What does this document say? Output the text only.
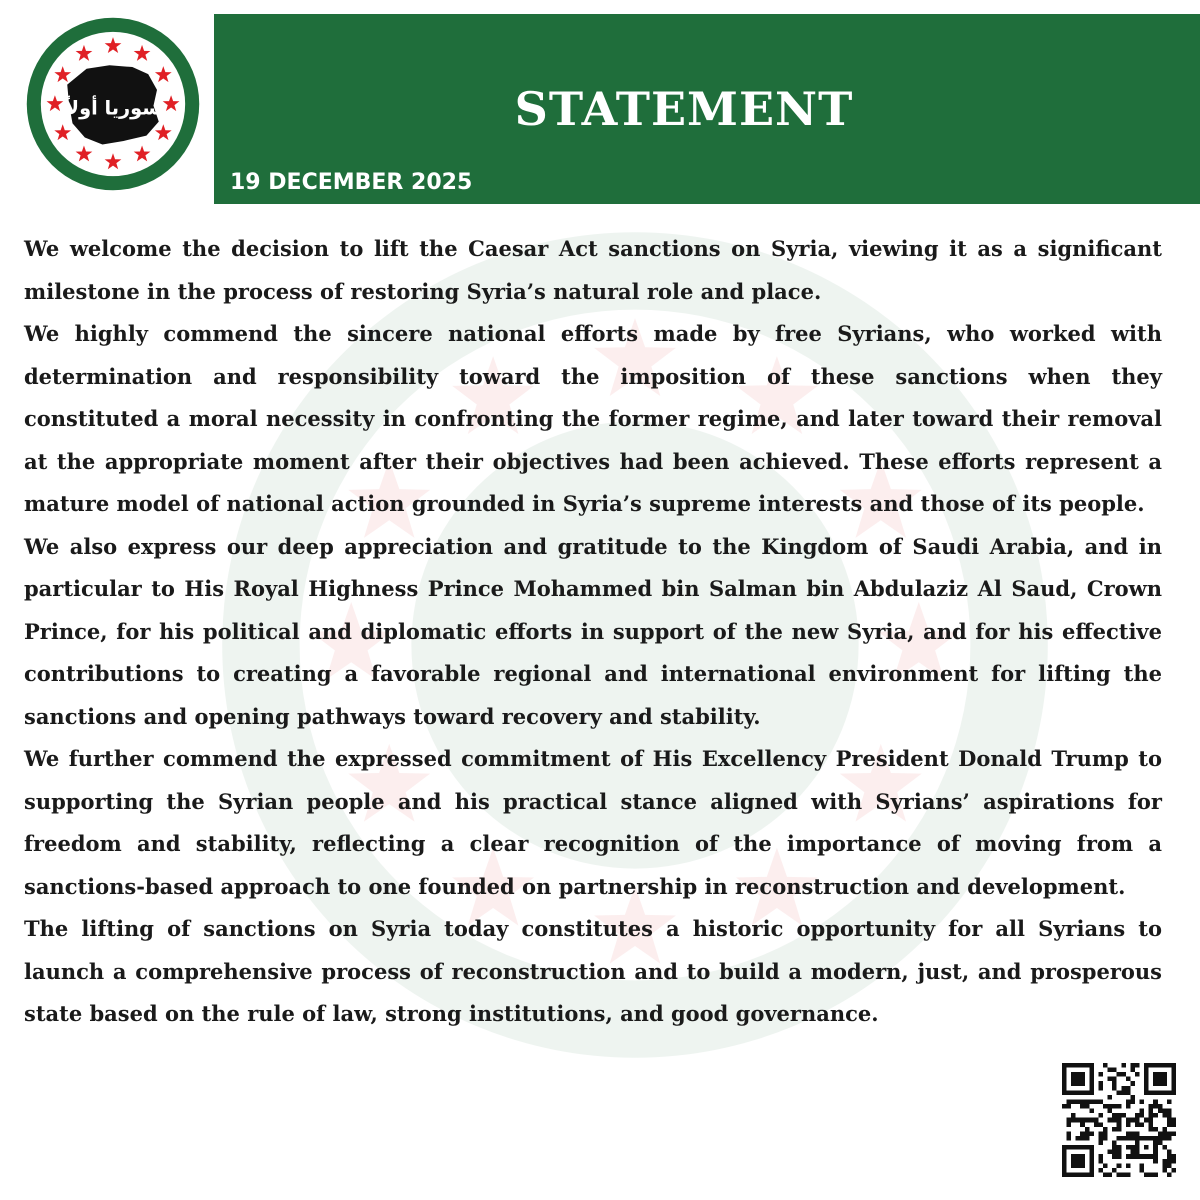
سوريا أولاً	STATEMENT
19 DECEMBER 2025

We welcome the decision to lift the Caesar Act sanctions on Syria, viewing it as a significant milestone in the process of restoring Syria’s natural role and place.

We highly commend the sincere national efforts made by free Syrians, who worked with determination and responsibility toward the imposition of these sanctions when they constituted a moral necessity in confronting the former regime, and later toward their removal at the appropriate moment after their objectives had been achieved. These efforts represent a mature model of national action grounded in Syria’s supreme interests and those of its people.

We also express our deep appreciation and gratitude to the Kingdom of Saudi Arabia, and in particular to His Royal Highness Prince Mohammed bin Salman bin Abdulaziz Al Saud, Crown Prince, for his political and diplomatic efforts in support of the new Syria, and for his effective contributions to creating a favorable regional and international environment for lifting the sanctions and opening pathways toward recovery and stability.

We further commend the expressed commitment of His Excellency President Donald Trump to supporting the Syrian people and his practical stance aligned with Syrians’ aspirations for freedom and stability, reflecting a clear recognition of the importance of moving from a sanctions-based approach to one founded on partnership in reconstruction and development.

The lifting of sanctions on Syria today constitutes a historic opportunity for all Syrians to launch a comprehensive process of reconstruction and to build a modern, just, and prosperous state based on the rule of law, strong institutions, and good governance.
